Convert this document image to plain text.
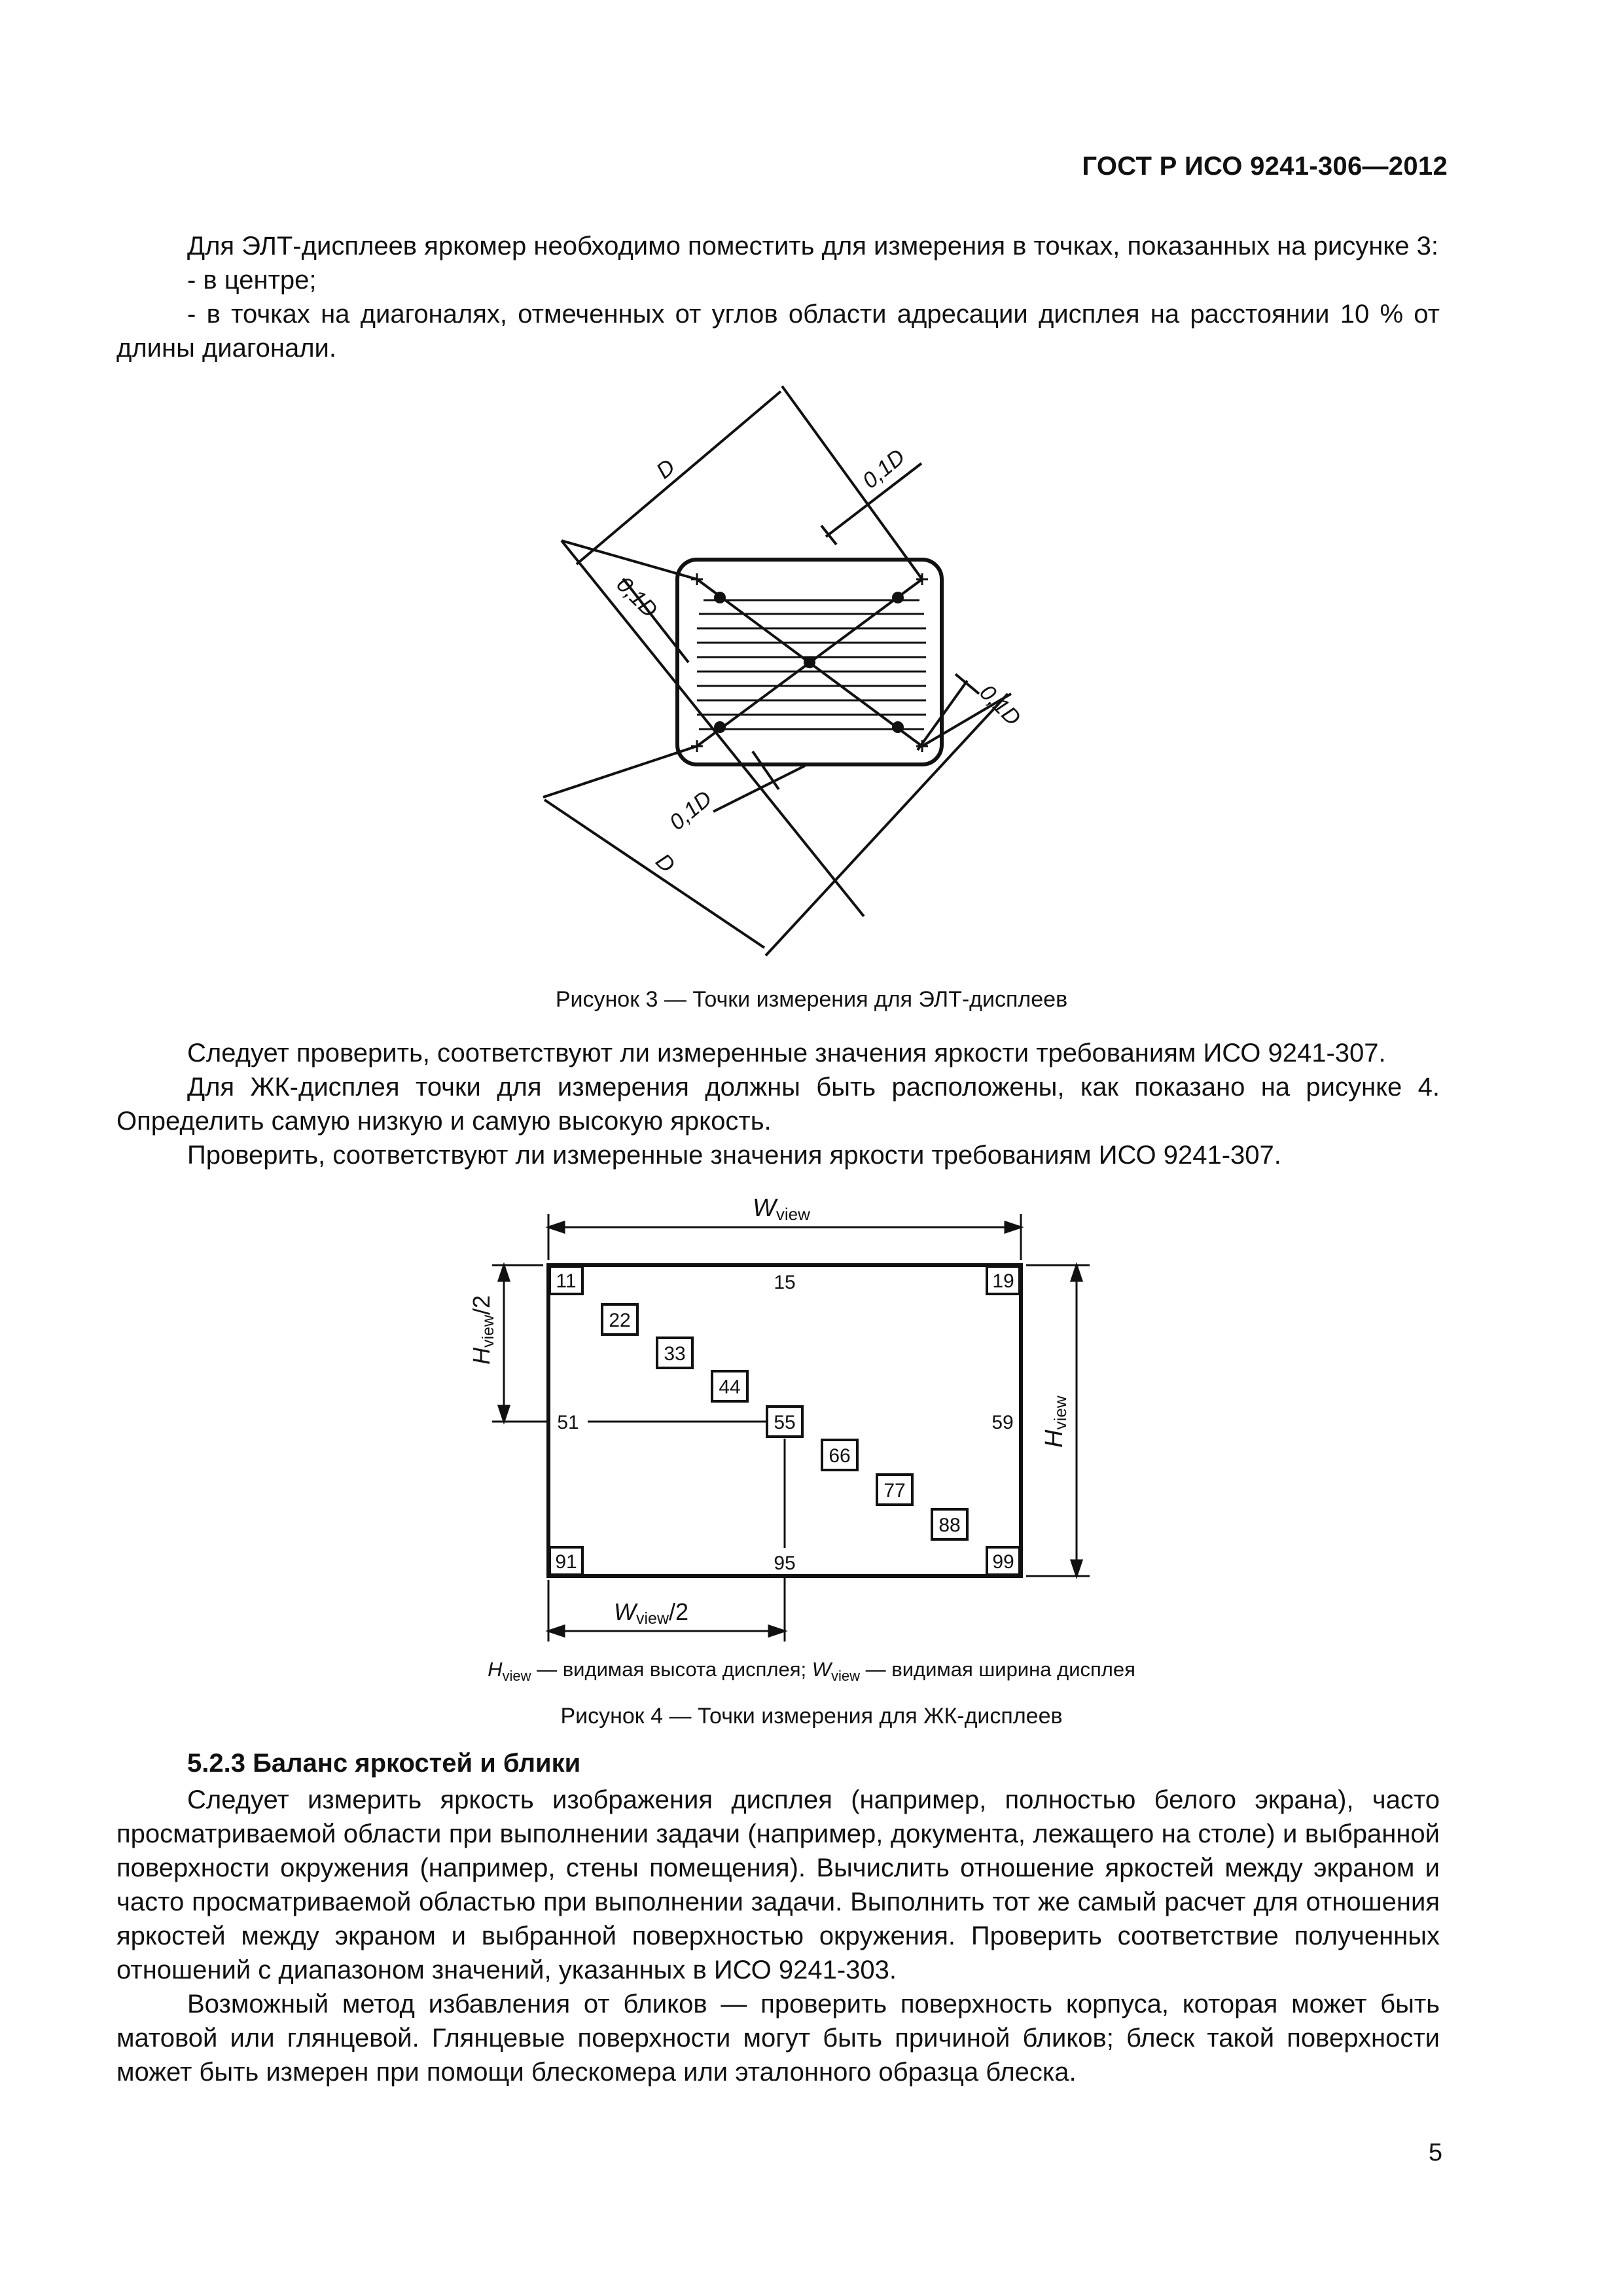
ГОСТ Р ИСО 9241-306—2012

Для ЭЛТ-дисплеев яркомер необходимо поместить для измерения в точках, показанных на рисунке 3:

- в центре;

- в точках на диагоналях, отмеченных от углов области адресации дисплея на расстоянии 10 % от длины диагонали.

D	0,1D
0,1D
0,1D
0,1D
D
Рисунок 3 — Точки измерения для ЭЛТ-дисплеев

Следует проверить, соответствуют ли измеренные значения яркости требованиям ИСО 9241-307.

Для ЖК-дисплея точки для измерения должны быть расположены, как показано на рисунке 4. Определить самую низкую и самую высокую яркость.

Проверить, соответствуют ли измеренные значения яркости требованиям ИСО 9241-307.

11	15	19
22
33
44
51	55	59
66
77
88
91	95	99
Wview
Wview/2
Hview
Hview/2
$H_{view}$ — видимая высота дисплея; $W_{view}$ — видимая ширина дисплея
Рисунок 4 — Точки измерения для ЖК-дисплеев
5.2.3 Баланс яркостей и блики

Следует измерить яркость изображения дисплея (например, полностью белого экрана), часто просматриваемой области при выполнении задачи (например, документа, лежащего на столе) и выбранной поверхности окружения (например, стены помещения). Вычислить отношение яркостей между экраном и часто просматриваемой областью при выполнении задачи. Выполнить тот же самый расчет для отношения яркостей между экраном и выбранной поверхностью окружения. Проверить соответствие полученных отношений с диапазоном значений, указанных в ИСО 9241-303.

Возможный метод избавления от бликов — проверить поверхность корпуса, которая может быть матовой или глянцевой. Глянцевые поверхности могут быть причиной бликов; блеск такой поверхности может быть измерен при помощи блескомера или эталонного образца блеска.

5
